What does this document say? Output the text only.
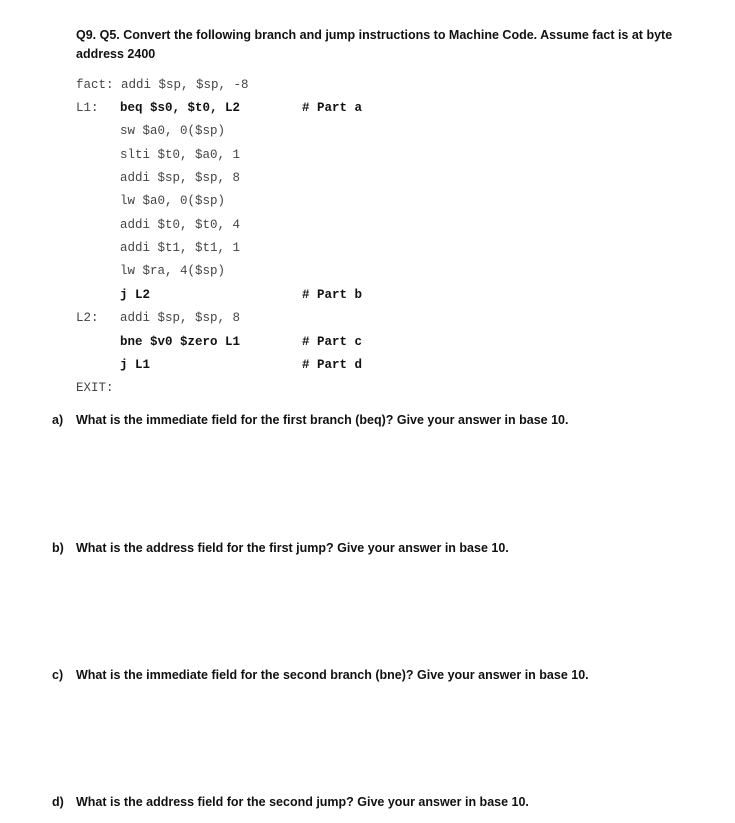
Q9. Q5. Convert the following branch and jump instructions to Machine Code. Assume fact is at byte address 2400
fact: addi $sp, $sp, -8
L1: beq $s0, $t0, L2	# Part a
sw $a0, 0($sp)
slti $t0, $a0, 1
addi $sp, $sp, 8
lw $a0, 0($sp)
addi $t0, $t0, 4
addi $t1, $t1, 1
lw $ra, 4($sp)
j L2	# Part b
L2: addi $sp, $sp, 8
bne $v0 $zero L1	# Part c
j L1	# Part d
EXIT:
a) What is the immediate field for the first branch (beq)? Give your answer in base 10.
b) What is the address field for the first jump? Give your answer in base 10.
c) What is the immediate field for the second branch (bne)? Give your answer in base 10.
d) What is the address field for the second jump? Give your answer in base 10.
